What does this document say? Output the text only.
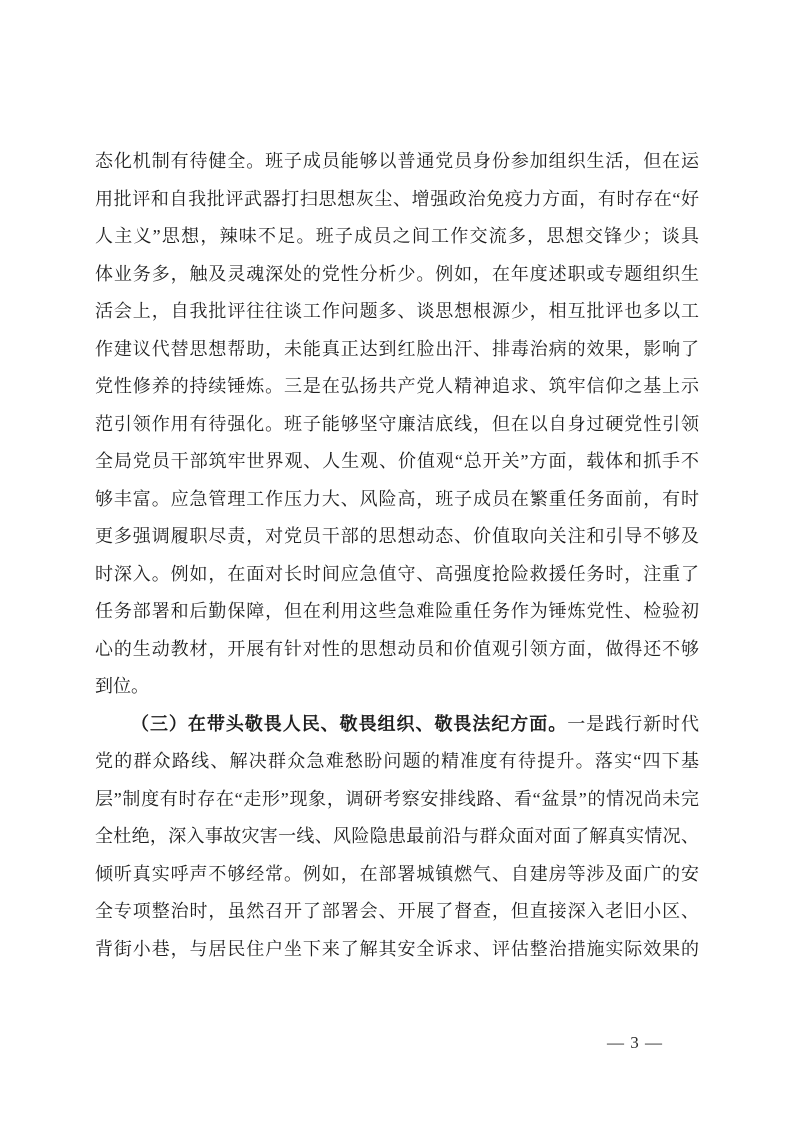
态化机制有待健全。班子成员能够以普通党员身份参加组织生活，但在运
用批评和自我批评武器打扫思想灰尘、增强政治免疫力方面，有时存在“好
人主义”思想，辣味不足。班子成员之间工作交流多，思想交锋少；谈具
体业务多，触及灵魂深处的党性分析少。例如，在年度述职或专题组织生
活会上，自我批评往往谈工作问题多、谈思想根源少，相互批评也多以工
作建议代替思想帮助，未能真正达到红脸出汗、排毒治病的效果，影响了
党性修养的持续锤炼。三是在弘扬共产党人精神追求、筑牢信仰之基上示
范引领作用有待强化。班子能够坚守廉洁底线，但在以自身过硬党性引领
全局党员干部筑牢世界观、人生观、价值观“总开关”方面，载体和抓手不
够丰富。应急管理工作压力大、风险高，班子成员在繁重任务面前，有时
更多强调履职尽责，对党员干部的思想动态、价值取向关注和引导不够及
时深入。例如，在面对长时间应急值守、高强度抢险救援任务时，注重了
任务部署和后勤保障，但在利用这些急难险重任务作为锤炼党性、检验初
心的生动教材，开展有针对性的思想动员和价值观引领方面，做得还不够
到位。
（三）在带头敬畏人民、敬畏组织、敬畏法纪方面。一是践行新时代
党的群众路线、解决群众急难愁盼问题的精准度有待提升。落实“四下基
层”制度有时存在“走形”现象，调研考察安排线路、看“盆景”的情况尚未完
全杜绝，深入事故灾害一线、风险隐患最前沿与群众面对面了解真实情况、
倾听真实呼声不够经常。例如，在部署城镇燃气、自建房等涉及面广的安
全专项整治时，虽然召开了部署会、开展了督查，但直接深入老旧小区、
背街小巷，与居民住户坐下来了解其安全诉求、评估整治措施实际效果的
— 3 —
